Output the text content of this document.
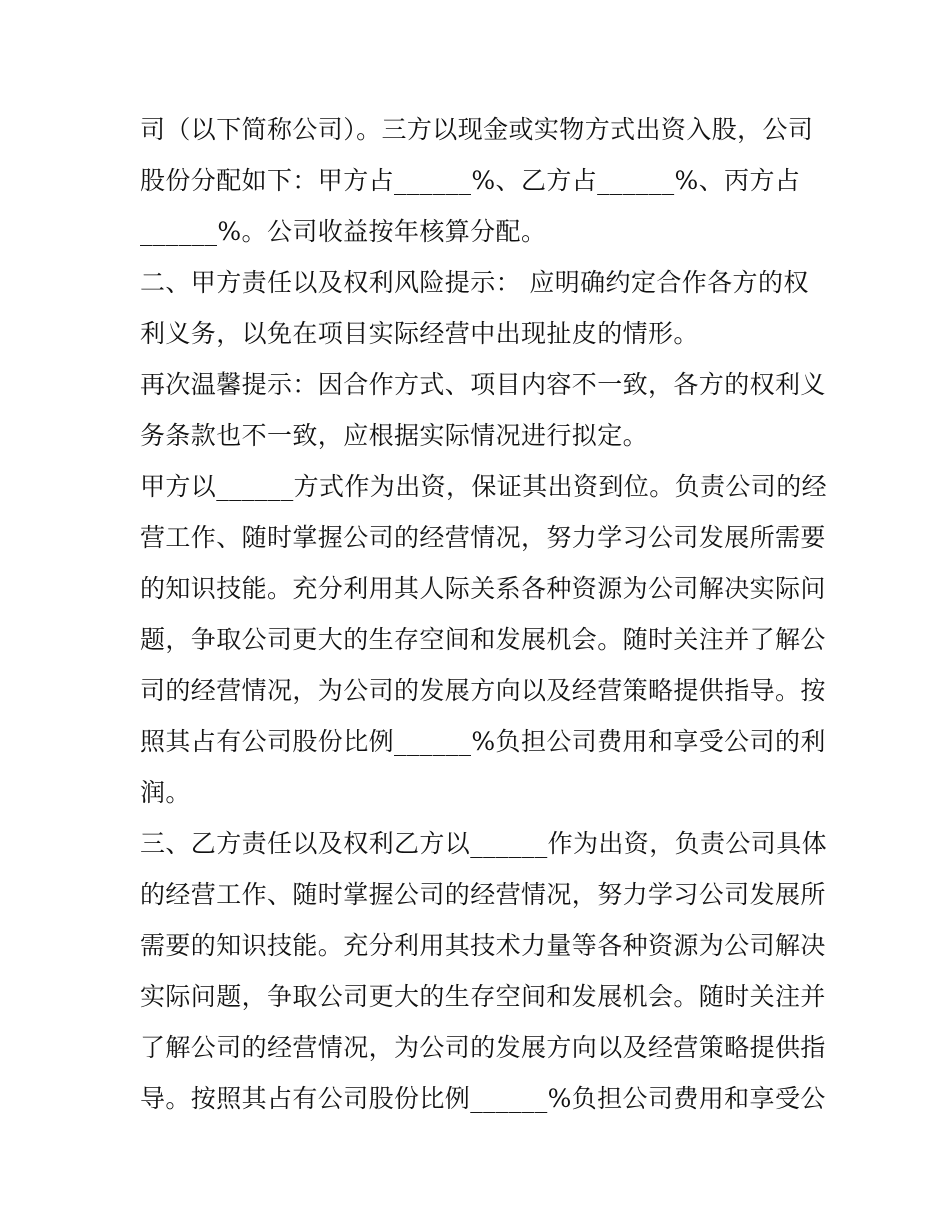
司（以下简称公司）。三方以现金或实物方式出资入股，公司
股份分配如下：甲方占______%、乙方占______%、丙方占
______%。公司收益按年核算分配。
二、甲方责任以及权利风险提示： 应明确约定合作各方的权
利义务，以免在项目实际经营中出现扯皮的情形。
再次温馨提示：因合作方式、项目内容不一致，各方的权利义
务条款也不一致，应根据实际情况进行拟定。
甲方以______方式作为出资，保证其出资到位。负责公司的经
营工作、随时掌握公司的经营情况，努力学习公司发展所需要
的知识技能。充分利用其人际关系各种资源为公司解决实际问
题，争取公司更大的生存空间和发展机会。随时关注并了解公
司的经营情况，为公司的发展方向以及经营策略提供指导。按
照其占有公司股份比例______%负担公司费用和享受公司的利
润。
三、乙方责任以及权利乙方以______作为出资，负责公司具体
的经营工作、随时掌握公司的经营情况，努力学习公司发展所
需要的知识技能。充分利用其技术力量等各种资源为公司解决
实际问题，争取公司更大的生存空间和发展机会。随时关注并
了解公司的经营情况，为公司的发展方向以及经营策略提供指
导。按照其占有公司股份比例______%负担公司费用和享受公
